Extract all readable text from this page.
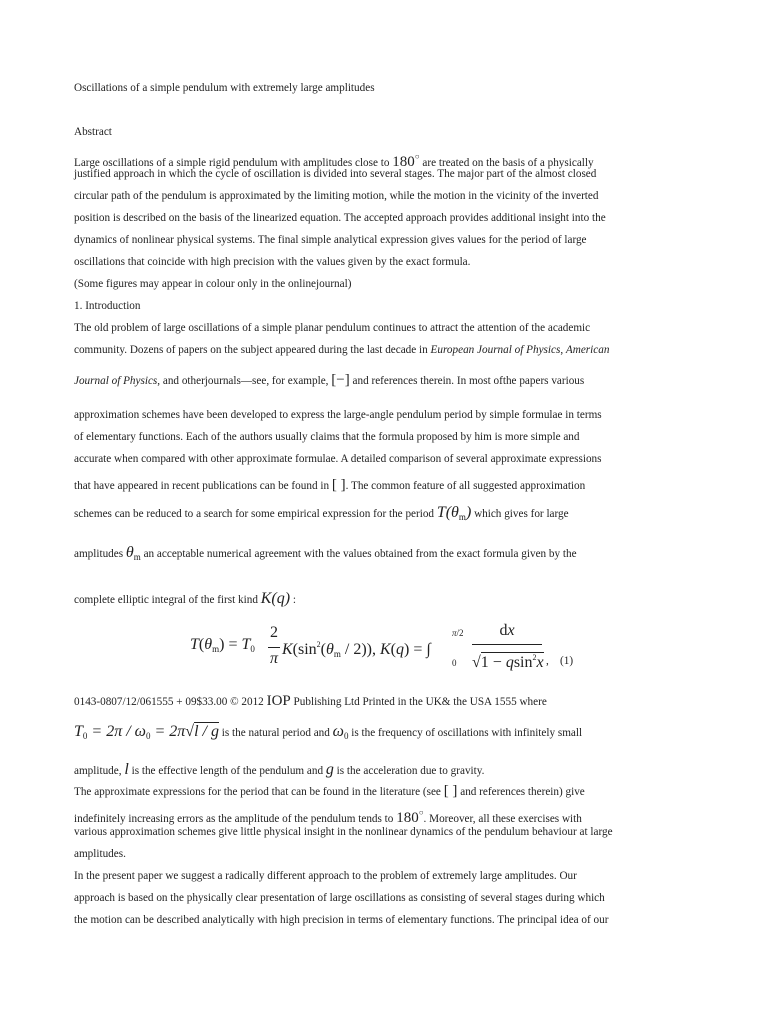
Oscillations of a simple pendulum with extremely large amplitudes
Abstract
Large oscillations of a simple rigid pendulum with amplitudes close to 180○ are treated on the basis of a physically
justified approach in which the cycle of oscillation is divided into several stages. The major part of the almost closed
circular path of the pendulum is approximated by the limiting motion, while the motion in the vicinity of the inverted
position is described on the basis of the linearized equation. The accepted approach provides additional insight into the
dynamics of nonlinear physical systems. The final simple analytical expression gives values for the period of large
oscillations that coincide with high precision with the values given by the exact formula.
(Some figures may appear in colour only in the onlinejournal)
1. Introduction
The old problem of large oscillations of a simple planar pendulum continues to attract the attention of the academic
community. Dozens of papers on the subject appeared during the last decade in European Journal of Physics, American
Journal of Physics, and otherjournals—see, for example, [−] and references therein. In most ofthe papers various
approximation schemes have been developed to express the large-angle pendulum period by simple formulae in terms
of elementary functions. Each of the authors usually claims that the formula proposed by him is more simple and
accurate when compared with other approximate formulae. A detailed comparison of several approximate expressions
that have appeared in recent publications can be found in [ ]. The common feature of all suggested approximation
schemes can be reduced to a search for some empirical expression for the period $T(\theta_m)$ which gives for large
amplitudes $\theta_m$ an acceptable numerical agreement with the values obtained from the exact formula given by the
complete elliptic integral of the first kind K(q) :
$T(\theta_m) = T_0$
2
π
$K(\sin^2(\theta_m / 2))$, K(q) = ∫
π/2
0
dx
√1 − qsin$^2$x , (1)
0143-0807/12/061555 + 09$33.00 © 2012 IOP Publishing Ltd Printed in the UK& the USA 1555 where
$T_0 = 2\pi / \omega_0 = 2\pi√l / g$ is the natural period and $\omega_0$ is the frequency of oscillations with infinitely small
amplitude, l is the effective length of the pendulum and g is the acceleration due to gravity.
The approximate expressions for the period that can be found in the literature (see [ ] and references therein) give
indefinitely increasing errors as the amplitude of the pendulum tends to 180○. Moreover, all these exercises with
various approximation schemes give little physical insight in the nonlinear dynamics of the pendulum behaviour at large
amplitudes.
In the present paper we suggest a radically different approach to the problem of extremely large amplitudes. Our
approach is based on the physically clear presentation of large oscillations as consisting of several stages during which
the motion can be described analytically with high precision in terms of elementary functions. The principal idea of our
